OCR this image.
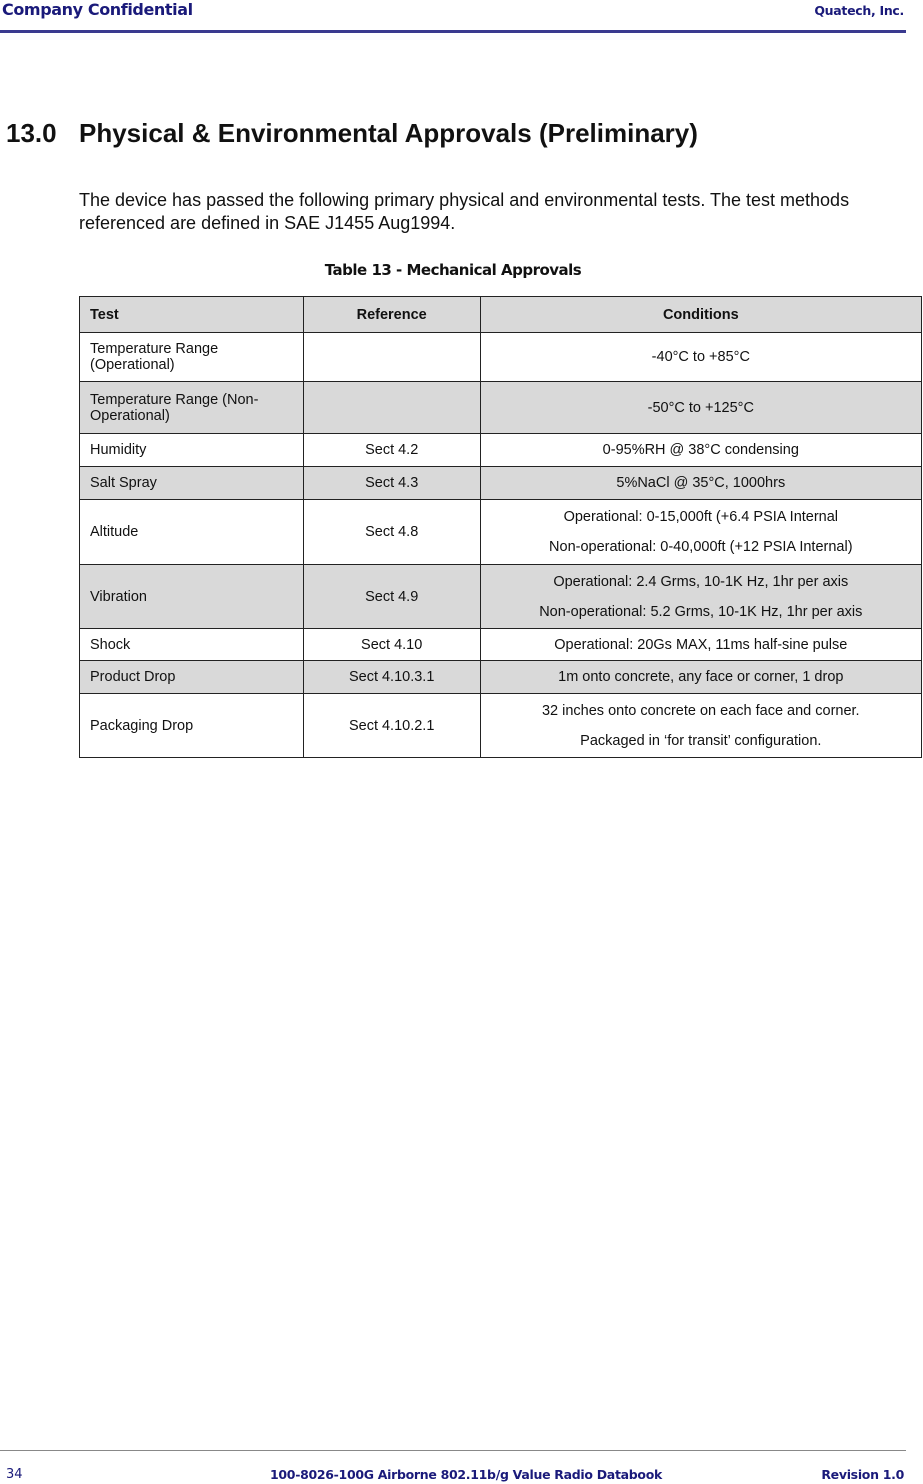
Company Confidential	Quatech, Inc.
13.0 Physical & Environmental Approvals (Preliminary)
The device has passed the following primary physical and environmental tests. The test methods referenced are defined in SAE J1455 Aug1994.
Table 13 - Mechanical Approvals
Test	Reference	Conditions
Temperature Range (Operational)		-40°C to +85°C

Temperature Range (Non-Operational)		-50°C to +125°C

Humidity	Sect 4.2	0-95%RH @ 38°C condensing

Salt Spray	Sect 4.3	5%NaCl @ 35°C, 1000hrs

Altitude	Sect 4.8	Operational: 0-15,000ft (+6.4 PSIA Internal
Non-operational: 0-40,000ft (+12 PSIA Internal)

Vibration	Sect 4.9	Operational: 2.4 Grms, 10-1K Hz, 1hr per axis
Non-operational: 5.2 Grms, 10-1K Hz, 1hr per axis

Shock	Sect 4.10	Operational: 20Gs MAX, 11ms half-sine pulse

Product Drop	Sect 4.10.3.1	1m onto concrete, any face or corner, 1 drop

Packaging Drop	Sect 4.10.2.1	32 inches onto concrete on each face and corner.
Packaged in ‘for transit’ configuration.
34	100-8026-100G Airborne 802.11b/g Value Radio Databook	Revision 1.0
